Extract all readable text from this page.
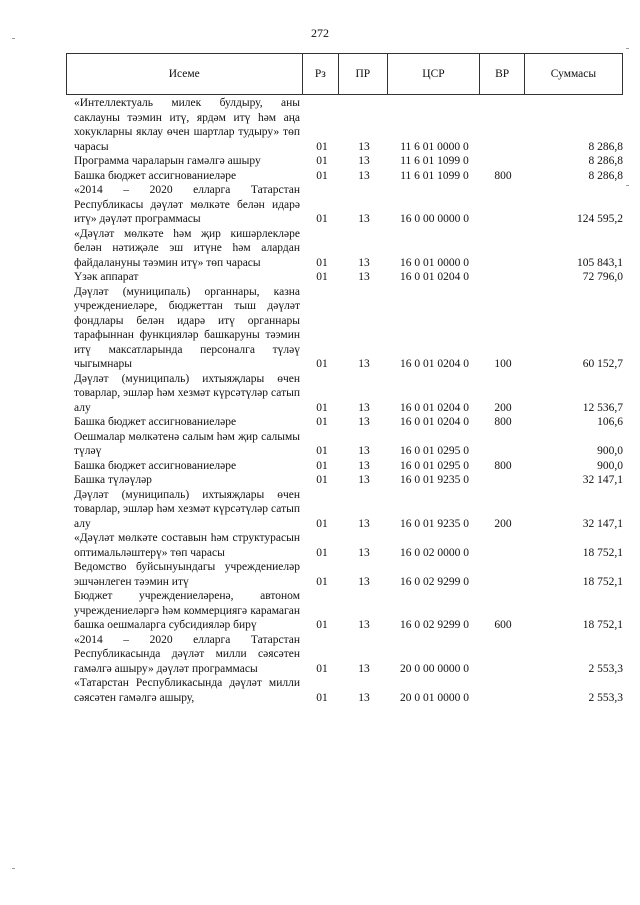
272
Исеме	Рз	ПР	ЦСР	ВР	Суммасы
«Интеллектуаль милек булдыру, аны саклауны тәэмин итү, ярдәм итү һәм аңа хокукларны яклау өчен шартлар тудыру» төп чарасы	01	13	11 6 01 0000 0	8 286,8
Программа чараларын гамәлгә ашыру	01	13	11 6 01 1099 0	8 286,8
Башка бюджет ассигнованиеләре	01	13	11 6 01 1099 0	800	8 286,8
«2014 – 2020 елларга Татарстан Республикасы дәүләт мөлкәте белән идарә итү» дәүләт программасы	01	13	16 0 00 0000 0	124 595,2
«Дәүләт мөлкәте һәм җир кишәрлекләре белән нәтиҗәле эш итүне һәм алардан файдалануны тәэмин итү» төп чарасы	01	13	16 0 01 0000 0	105 843,1
Үзәк аппарат	01	13	16 0 01 0204 0	72 796,0
Дәүләт (муниципаль) органнары, казна учреждениеләре, бюджеттан тыш дәүләт фондлары белән идарә итү органнары тарафыннан функцияләр башкаруны тәэмин итү максатларында персоналга түләү чыгымнары	01	13	16 0 01 0204 0	100	60 152,7
Дәүләт (муниципаль) ихтыяҗлары өчен товарлар, эшләр һәм хезмәт күрсәтүләр сатып алу	01	13	16 0 01 0204 0	200	12 536,7
Башка бюджет ассигнованиеләре	01	13	16 0 01 0204 0	800	106,6
Оешмалар мөлкәтенә салым һәм җир салымы түләү	01	13	16 0 01 0295 0	900,0
Башка бюджет ассигнованиеләре	01	13	16 0 01 0295 0	800	900,0
Башка түләүләр	01	13	16 0 01 9235 0	32 147,1
Дәүләт (муниципаль) ихтыяҗлары өчен товарлар, эшләр һәм хезмәт күрсәтүләр сатып алу	01	13	16 0 01 9235 0	200	32 147,1
«Дәүләт мөлкәте составын һәм структурасын оптимальләштерү» төп чарасы	01	13	16 0 02 0000 0	18 752,1
Ведомство буйсынуындагы учреждениеләр эшчәнлеген тәэмин итү	01	13	16 0 02 9299 0	18 752,1
Бюджет учреждениеләренә, автоном учреждениеләргә һәм коммерциягә карамаган башка оешмаларга субсидияләр бирү	01	13	16 0 02 9299 0	600	18 752,1
«2014 – 2020 елларга Татарстан Республикасында дәүләт милли сәясәтен гамәлгә ашыру» дәүләт программасы	01	13	20 0 00 0000 0	2 553,3
«Татарстан Республикасында дәүләт милли сәясәтен гамәлгә ашыру,	01	13	20 0 01 0000 0	2 553,3
